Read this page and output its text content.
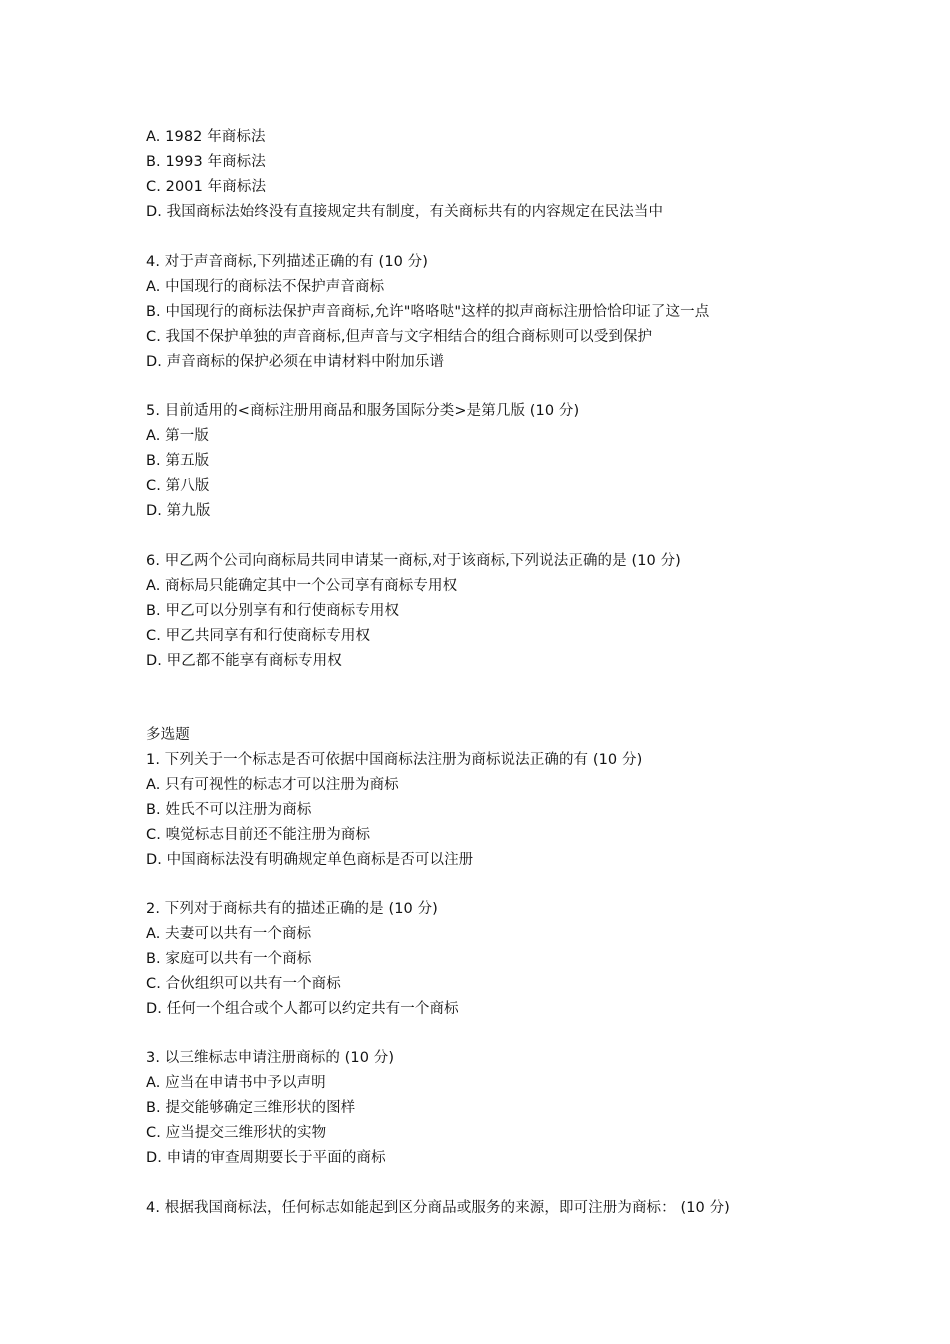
A. 1982 年商标法
B. 1993 年商标法
C. 2001 年商标法
D. 我国商标法始终没有直接规定共有制度，有关商标共有的内容规定在民法当中
4. 对于声音商标,下列描述正确的有 (10 分)
A. 中国现行的商标法不保护声音商标
B. 中国现行的商标法保护声音商标,允许"咯咯哒"这样的拟声商标注册恰恰印证了这一点
C. 我国不保护单独的声音商标,但声音与文字相结合的组合商标则可以受到保护
D. 声音商标的保护必须在申请材料中附加乐谱
5. 目前适用的<商标注册用商品和服务国际分类>是第几版 (10 分)
A. 第一版
B. 第五版
C. 第八版
D. 第九版
6. 甲乙两个公司向商标局共同申请某一商标,对于该商标,下列说法正确的是 (10 分)
A. 商标局只能确定其中一个公司享有商标专用权
B. 甲乙可以分别享有和行使商标专用权
C. 甲乙共同享有和行使商标专用权
D. 甲乙都不能享有商标专用权
多选题
1. 下列关于一个标志是否可依据中国商标法注册为商标说法正确的有 (10 分)
A. 只有可视性的标志才可以注册为商标
B. 姓氏不可以注册为商标
C. 嗅觉标志目前还不能注册为商标
D. 中国商标法没有明确规定单色商标是否可以注册
2. 下列对于商标共有的描述正确的是 (10 分)
A. 夫妻可以共有一个商标
B. 家庭可以共有一个商标
C. 合伙组织可以共有一个商标
D. 任何一个组合或个人都可以约定共有一个商标
3. 以三维标志申请注册商标的 (10 分)
A. 应当在申请书中予以声明
B. 提交能够确定三维形状的图样
C. 应当提交三维形状的实物
D. 申请的审查周期要长于平面的商标
4. 根据我国商标法，任何标志如能起到区分商品或服务的来源，即可注册为商标： (10 分)
